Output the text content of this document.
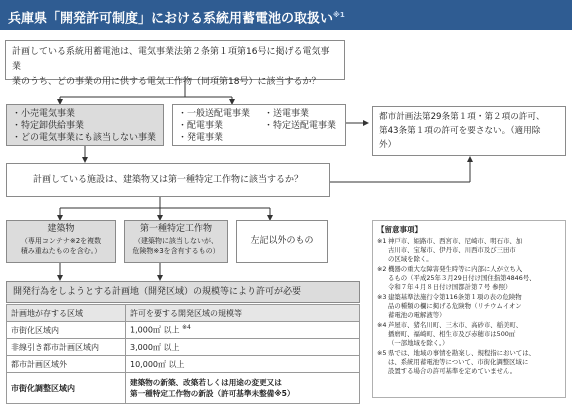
兵庫県「開発許可制度」における系統用蓄電池の取扱い$^{※1}$
計画している系統用蓄電池は、電気事業法第２条第１項第16号に掲げる電気事業
業のうち、どの事業の用に供する電気工作物（同項第18号）に該当するか？
・小売電気事業
・特定卸供給事業
・どの電気事業にも該当しない事業
・一般送配電事業
・配電事業
・発電事業
・送電事業
・特定送配電事業
都市計画法第29条第１項・第２項の許可、
第43条第１項の許可を要さない。（適用除
外）
計画している施設は、建築物又は第一種特定工作物に該当するか？
建築物
（専用コンテナ※2を複数
積み重ねたものを含む。）
第一種特定工作物
（建築物に該当しないが、
危険物※3を含有するもの）
左記以外のもの
開発行為をしようとする計画地（開発区域）の規模等により許可が必要
計画地が存する区域	許可を要する開発区域の規模等
市街化区域内	1,000㎡ 以上 $^{※4}$
非線引き都市計画区域内	3,000㎡ 以上
都市計画区域外	10,000㎡ 以上
市街化調整区域内	建築物の新築、改築若しくは用途の変更又は
第一種特定工作物の新設（許可基準未整備※5）
【留意事項】
※1 神戸市、姫路市、西宮市、尼崎市、明石市、加
古川市、宝塚市、伊丹市、川西市及び三田市
の区域を除く。
※2 機器の重大な障害発生時等に内部に人が立ち入
るもの（平成25年３月29日付け国住指第4846号、
令和７年４月８日付け国都計第７号 参照）
※3 建築基準法施行令第116条第１項の表の危険物
品の種類の欄に掲げる危険物（リチウムイオン
蓄電池の電解液等）
※4 芦屋市、猪名川町、三木市、高砂市、稲美町、
播磨町、福崎町、相生市及び赤穂市は500㎡
（一部地域を除く。）
※5 県では、地域の事情を勘案し、規程指においては、
は、系統用蓄電池等について、市街化調整区域に
設置する場合の許可基準を定めていません。
